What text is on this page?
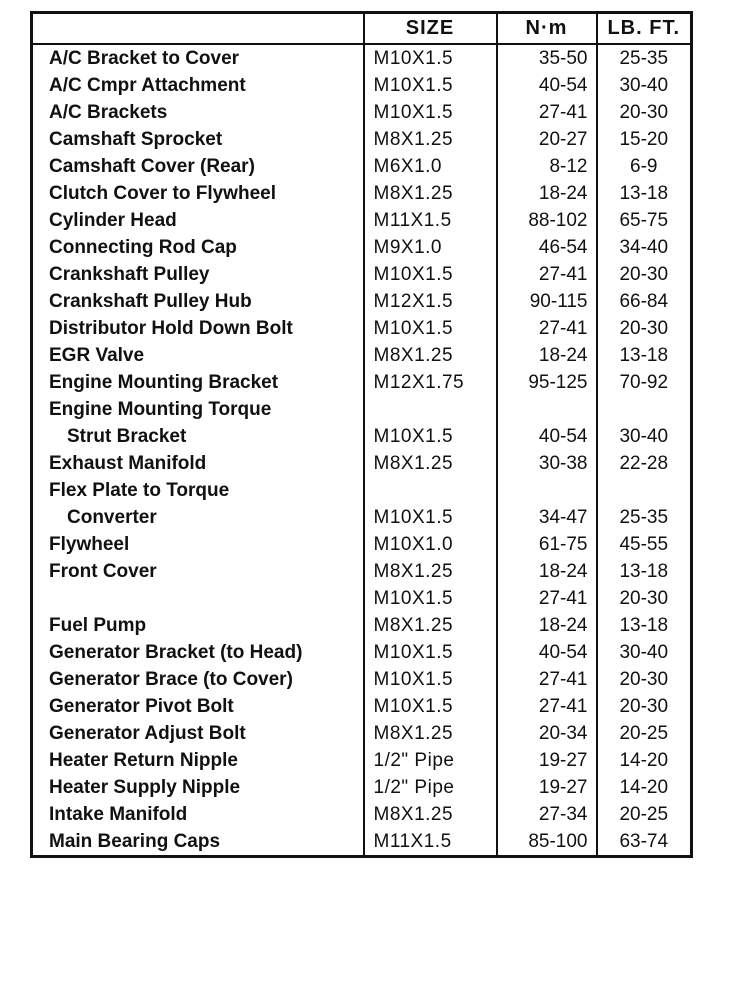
	SIZE	N·m	LB. FT.
A/C Bracket to Cover	M10X1.5	35-50	25-35
A/C Cmpr Attachment	M10X1.5	40-54	30-40
A/C Brackets	M10X1.5	27-41	20-30
Camshaft Sprocket	M8X1.25	20-27	15-20
Camshaft Cover (Rear)	M6X1.0	8-12	6-9
Clutch Cover to Flywheel	M8X1.25	18-24	13-18
Cylinder Head	M11X1.5	88-102	65-75
Connecting Rod Cap	M9X1.0	46-54	34-40
Crankshaft Pulley	M10X1.5	27-41	20-30
Crankshaft Pulley Hub	M12X1.5	90-115	66-84
Distributor Hold Down Bolt	M10X1.5	27-41	20-30
EGR Valve	M8X1.25	18-24	13-18
Engine Mounting Bracket	M12X1.75	95-125	70-92
Engine Mounting Torque			
Strut Bracket	M10X1.5	40-54	30-40
Exhaust Manifold	M8X1.25	30-38	22-28
Flex Plate to Torque			
Converter	M10X1.5	34-47	25-35
Flywheel	M10X1.0	61-75	45-55
Front Cover	M8X1.25	18-24	13-18
	M10X1.5	27-41	20-30
Fuel Pump	M8X1.25	18-24	13-18
Generator Bracket (to Head)	M10X1.5	40-54	30-40
Generator Brace (to Cover)	M10X1.5	27-41	20-30
Generator Pivot Bolt	M10X1.5	27-41	20-30
Generator Adjust Bolt	M8X1.25	20-34	20-25
Heater Return Nipple	1/2" Pipe	19-27	14-20
Heater Supply Nipple	1/2" Pipe	19-27	14-20
Intake Manifold	M8X1.25	27-34	20-25
Main Bearing Caps	M11X1.5	85-100	63-74
